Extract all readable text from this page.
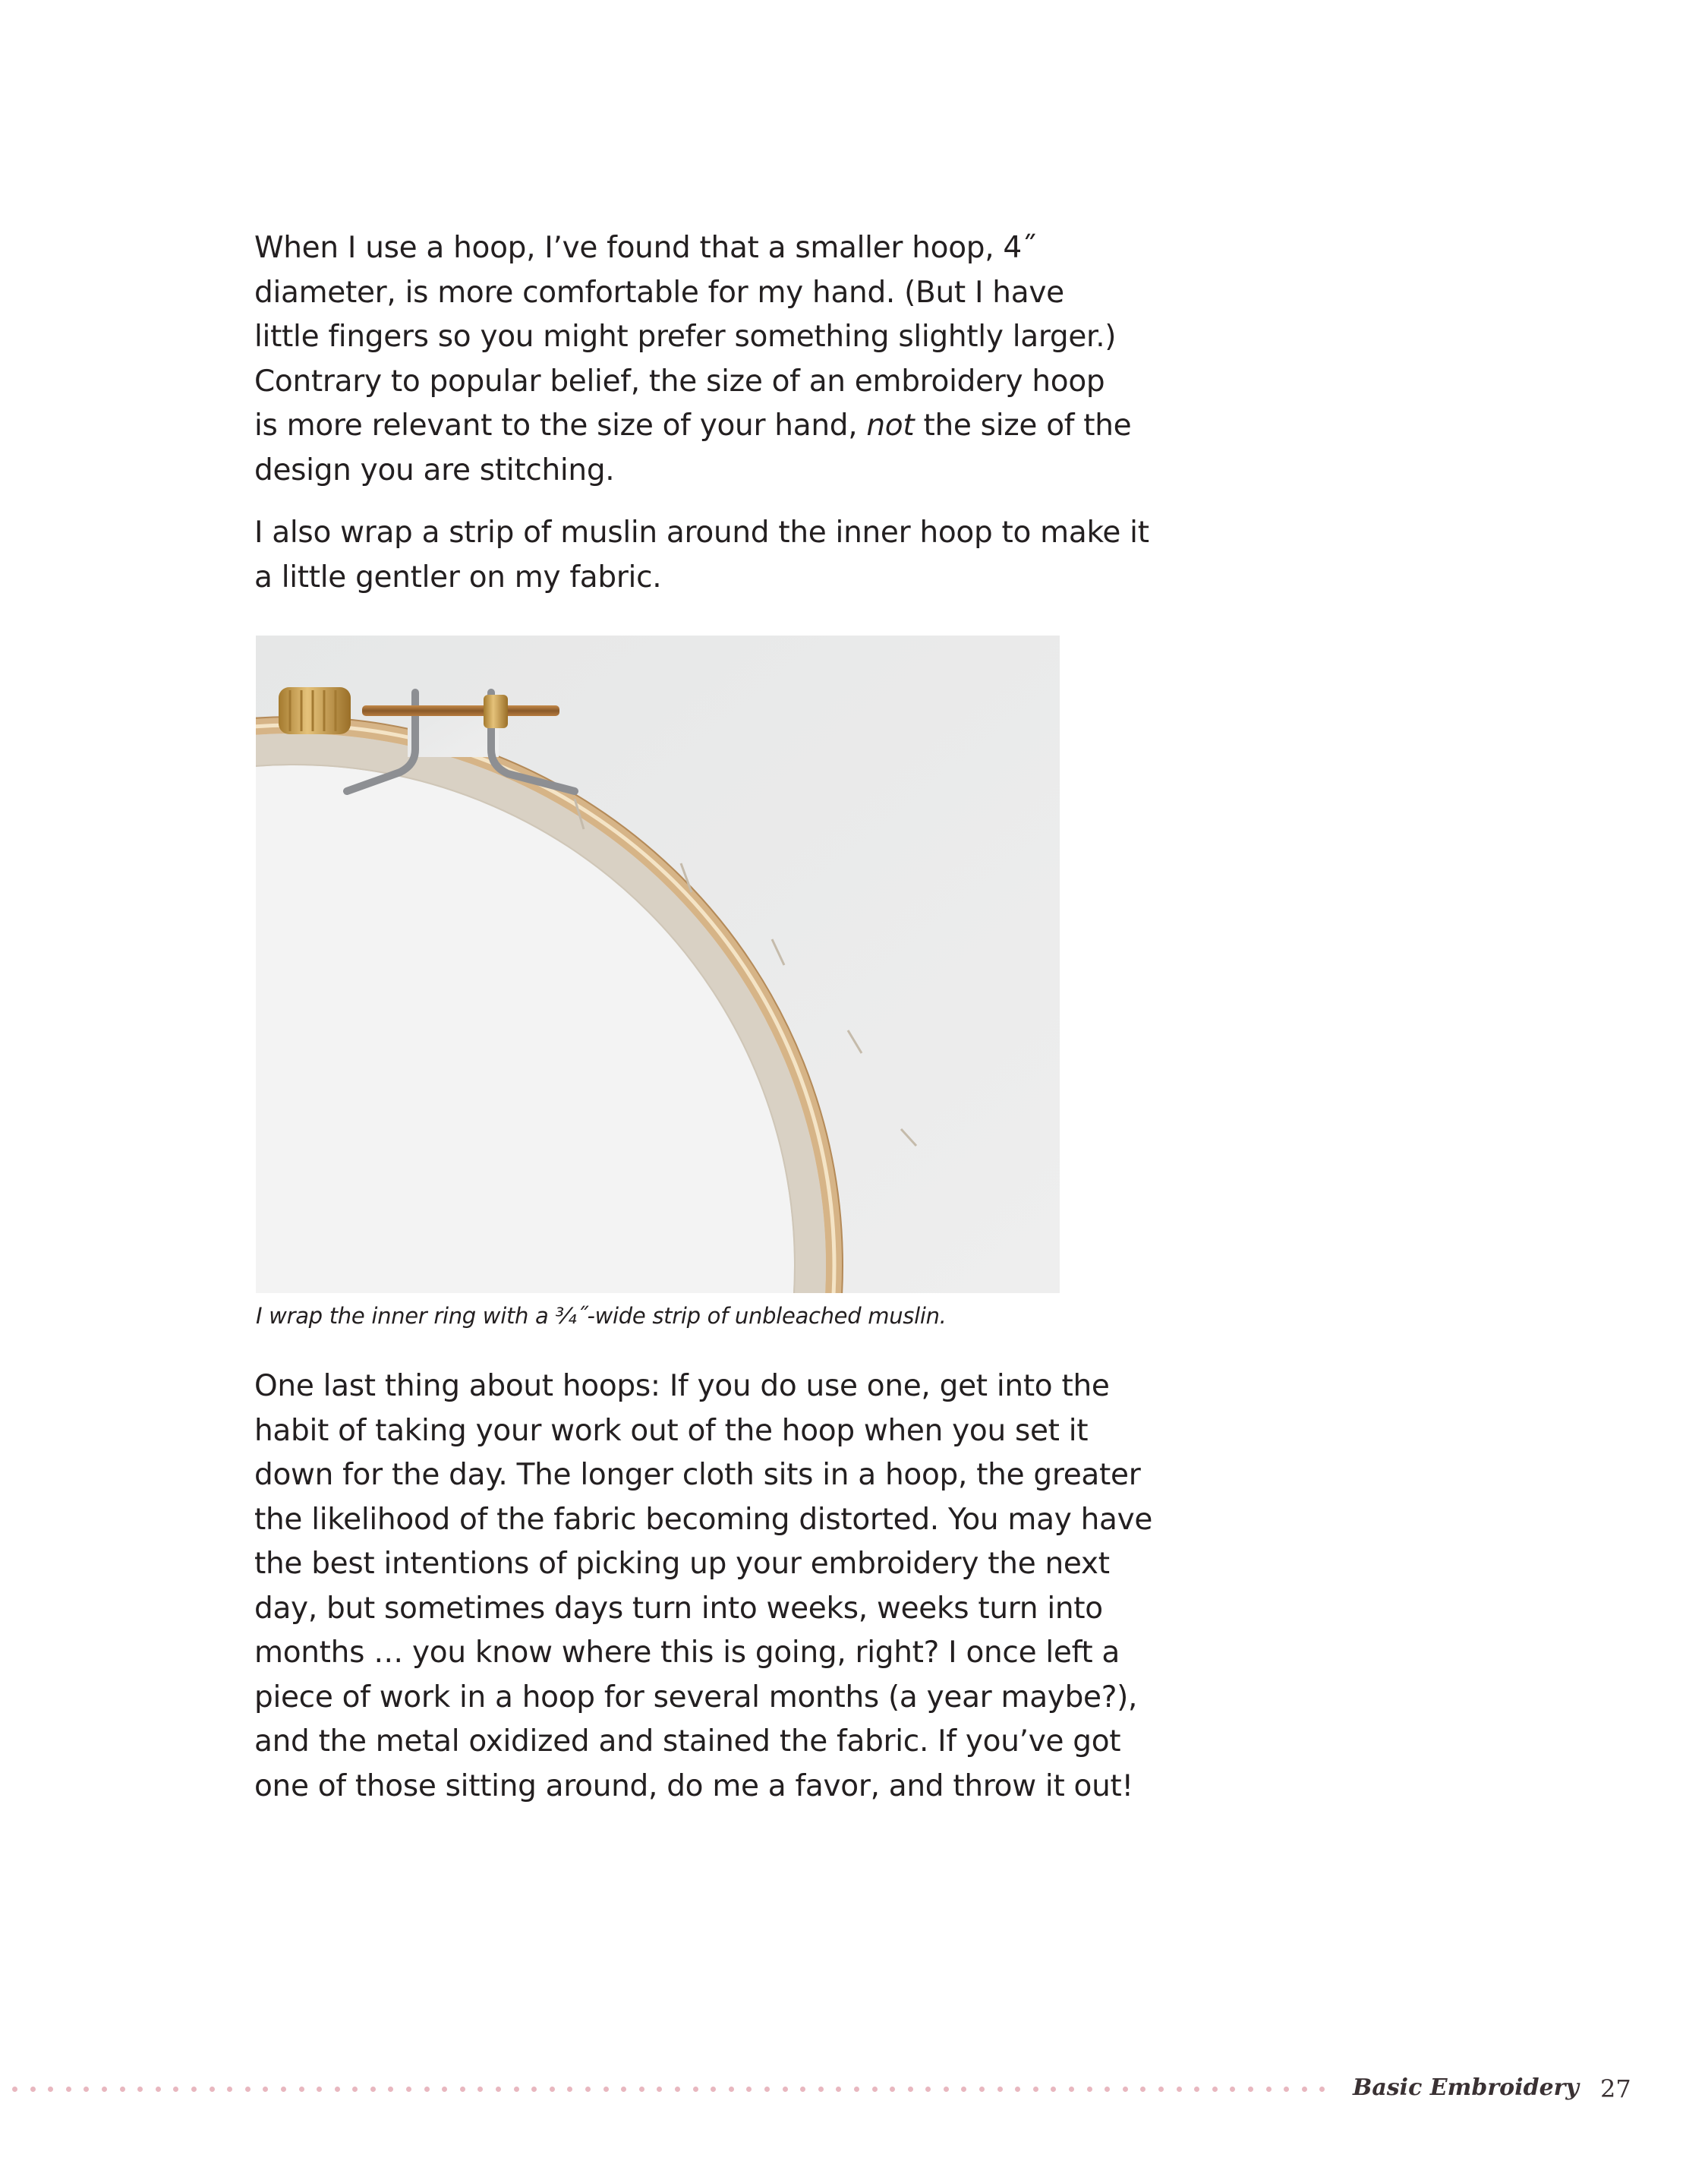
When I use a hoop, I’ve found that a smaller hoop, 4˝
diameter, is more comfortable for my hand. (But I have
little fingers so you might prefer something slightly larger.)
Contrary to popular belief, the size of an embroidery hoop
is more relevant to the size of your hand, not the size of the
design you are stitching.
I also wrap a strip of muslin around the inner hoop to make it
a little gentler on my fabric.
I wrap the inner ring with a ¾˝-wide strip of unbleached muslin.
One last thing about hoops: If you do use one, get into the
habit of taking your work out of the hoop when you set it
down for the day. The longer cloth sits in a hoop, the greater
the likelihood of the fabric becoming distorted. You may have
the best intentions of picking up your embroidery the next
day, but sometimes days turn into weeks, weeks turn into
months … you know where this is going, right? I once left a
piece of work in a hoop for several months (a year maybe?),
and the metal oxidized and stained the fabric. If you’ve got
one of those sitting around, do me a favor, and throw it out!
Basic Embroidery 27
